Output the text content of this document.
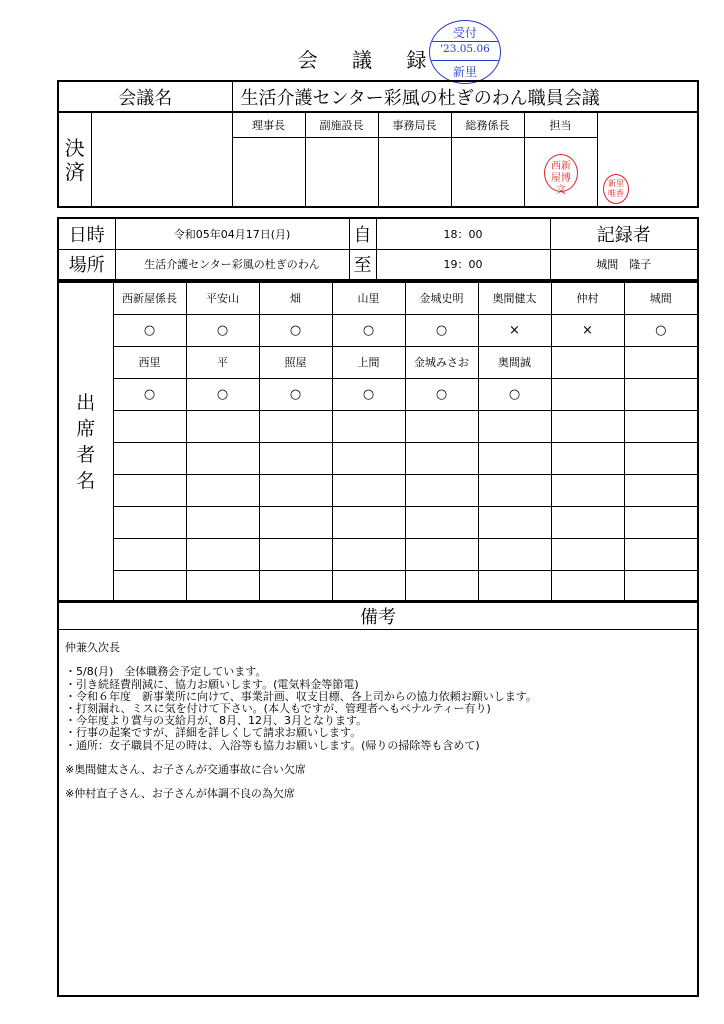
会 議 録
受付
'23.05.06
新里
会議名	生活介護センター彩風の杜ぎのわん職員会議
決済		理事長	副施設長	事務局長	総務係長	担当	

西新屋博文
新里唯香
日時	令和05年04月17日(月)	自	18：00	記録者
場所	生活介護センター彩風の杜ぎのわん	至	19：00	城間　隆子
出席者名	西新屋係長	平安山	畑	山里	金城史明	奥間健太	仲村	城間
	○	○	○	○	○	×	×	○
	西里	平	照屋	上間	金城みさお	奥間誠		
	○	○	○	○	○	○		

備考

仲兼久次長

・5/8(月)　全体職務会予定しています。
・引き続経費削減に、協力お願いします。(電気料金等節電)
・令和６年度　新事業所に向けて、事業計画、収支目標、各上司からの協力依頼お願いします。
・打刻漏れ、ミスに気を付けて下さい。(本人もですが、管理者へもペナルティー有り)
・今年度より賞与の支給月が、8月、12月、3月となります。
・行事の起案ですが、詳細を詳しくして請求お願いします。
・通所：女子職員不足の時は、入浴等も協力お願いします。(帰りの掃除等も含めて)

※奥間健太さん、お子さんが交通事故に合い欠席

※仲村直子さん、お子さんが体調不良の為欠席
